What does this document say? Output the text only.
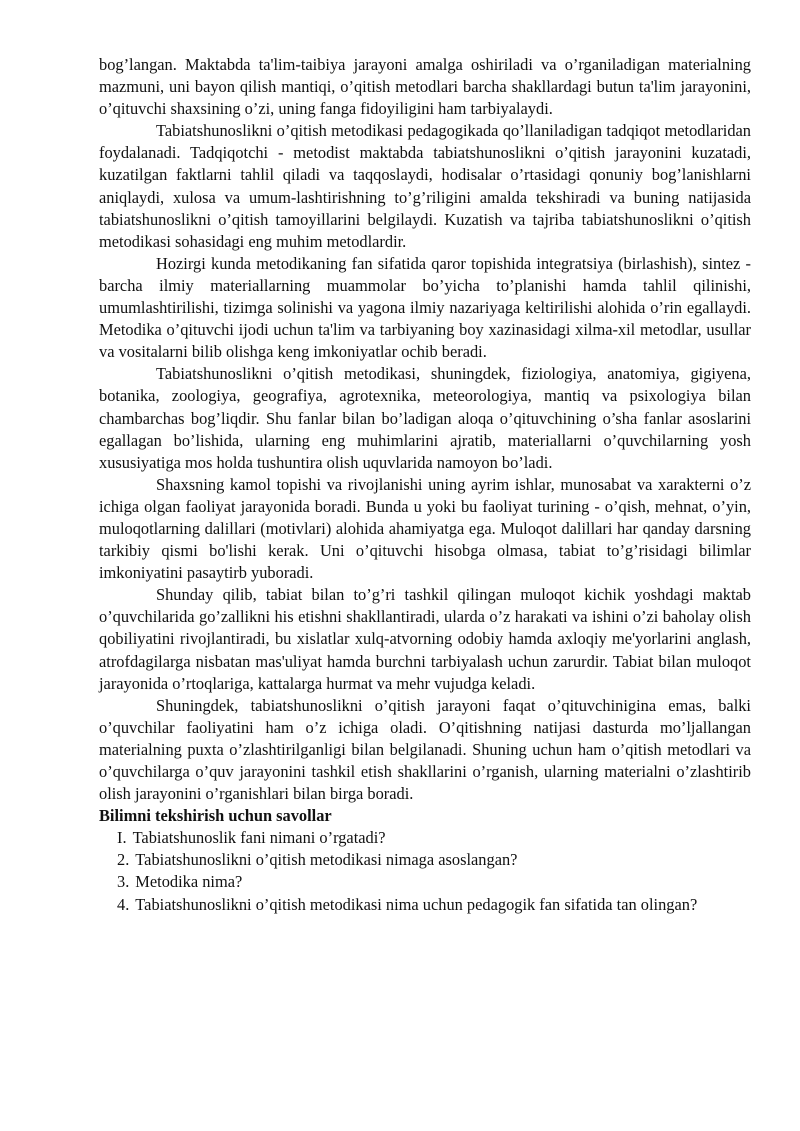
bog’langan. Maktabda ta'lim-taibiya jarayoni amalga oshiriladi va o’rganiladigan materialning mazmuni, uni bayon qilish mantiqi, o’qitish metodlari barcha shakllardagi butun ta'lim jarayonini, o’qituvchi shaxsining o’zi, uning fanga fidoyiligini ham tarbiyalaydi.

Tabiatshunoslikni o’qitish metodikasi pedagogikada qo’llaniladigan tadqiqot metodlaridan foydalanadi. Tadqiqotchi - metodist maktabda tabiatshunoslikni o’qitish jarayonini kuzatadi, kuzatilgan faktlarni tahlil qiladi va taqqoslaydi, hodisalar o’rtasidagi qonuniy bog’lanishlarni aniqlaydi, xulosa va umum-lashtirishning to’g’riligini amalda tekshiradi va buning natijasida tabiatshunoslikni o’qitish tamoyillarini belgilaydi. Kuzatish va tajriba tabiatshunoslikni o’qitish metodikasi sohasidagi eng muhim metodlardir.

Hozirgi kunda metodikaning fan sifatida qaror topishida integratsiya (birlashish), sintez - barcha ilmiy materiallarning muammolar bo’yicha to’planishi hamda tahlil qilinishi, umumlashtirilishi, tizimga solinishi va yagona ilmiy nazariyaga keltirilishi alohida o’rin egallaydi. Metodika o’qituvchi ijodi uchun ta'lim va tarbiyaning boy xazinasidagi xilma-xil metodlar, usullar va vositalarni bilib olishga keng imkoniyatlar ochib beradi.

Tabiatshunoslikni o’qitish metodikasi, shuningdek, fiziologiya, anatomiya, gigiyena, botanika, zoologiya, geografiya, agrotexnika, meteorologiya, mantiq va psixologiya bilan chambarchas bog’liqdir. Shu fanlar bilan bo’ladigan aloqa o’qituvchining o’sha fanlar asoslarini egallagan bo’lishida, ularning eng muhimlarini ajratib, materiallarni o’quvchilarning yosh xususiyatiga mos holda tushuntira olish uquvlarida namoyon bo’ladi.

Shaxsning kamol topishi va rivojlanishi uning ayrim ishlar, munosabat va xarakterni o’z ichiga olgan faoliyat jarayonida boradi. Bunda u yoki bu faoliyat turining - o’qish, mehnat, o’yin, muloqotlarning dalillari (motivlari) alohida ahamiyatga ega. Muloqot dalillari har qanday darsning tarkibiy qismi bo'lishi kerak. Uni o’qituvchi hisobga olmasa, tabiat to’g’risidagi bilimlar imkoniyatini pasaytirb yuboradi.

Shunday qilib, tabiat bilan to’g’ri tashkil qilingan muloqot kichik yoshdagi maktab o’quvchilarida go’zallikni his etishni shakllantiradi, ularda o’z harakati va ishini o’zi baholay olish qobiliyatini rivojlantiradi, bu xislatlar xulq-atvorning odobiy hamda axloqiy me'yorlarini anglash, atrofdagilarga nisbatan mas'uliyat hamda burchni tarbiyalash uchun zarurdir. Tabiat bilan muloqot jarayonida o’rtoqlariga, kattalarga hurmat va mehr vujudga keladi.

Shuningdek, tabiatshunoslikni o’qitish jarayoni faqat o’qituvchinigina emas, balki o’quvchilar faoliyatini ham o’z ichiga oladi. O’qitishning natijasi dasturda mo’ljallangan materialning puxta o’zlashtirilganligi bilan belgilanadi. Shuning uchun ham o’qitish metodlari va o’quvchilarga o’quv jarayonini tashkil etish shakllarini o’rganish, ularning materialni o’zlashtirib olish jarayonini o’rganishlari bilan birga boradi.

Bilimni tekshirish uchun savollar

I. Tabiatshunoslik fani nimani o’rgatadi?
2. Tabiatshunoslikni o’qitish metodikasi nimaga asoslangan?
3. Metodika nima?
4. Tabiatshunoslikni o’qitish metodikasi nima uchun pedagogik fan sifatida tan olingan?
